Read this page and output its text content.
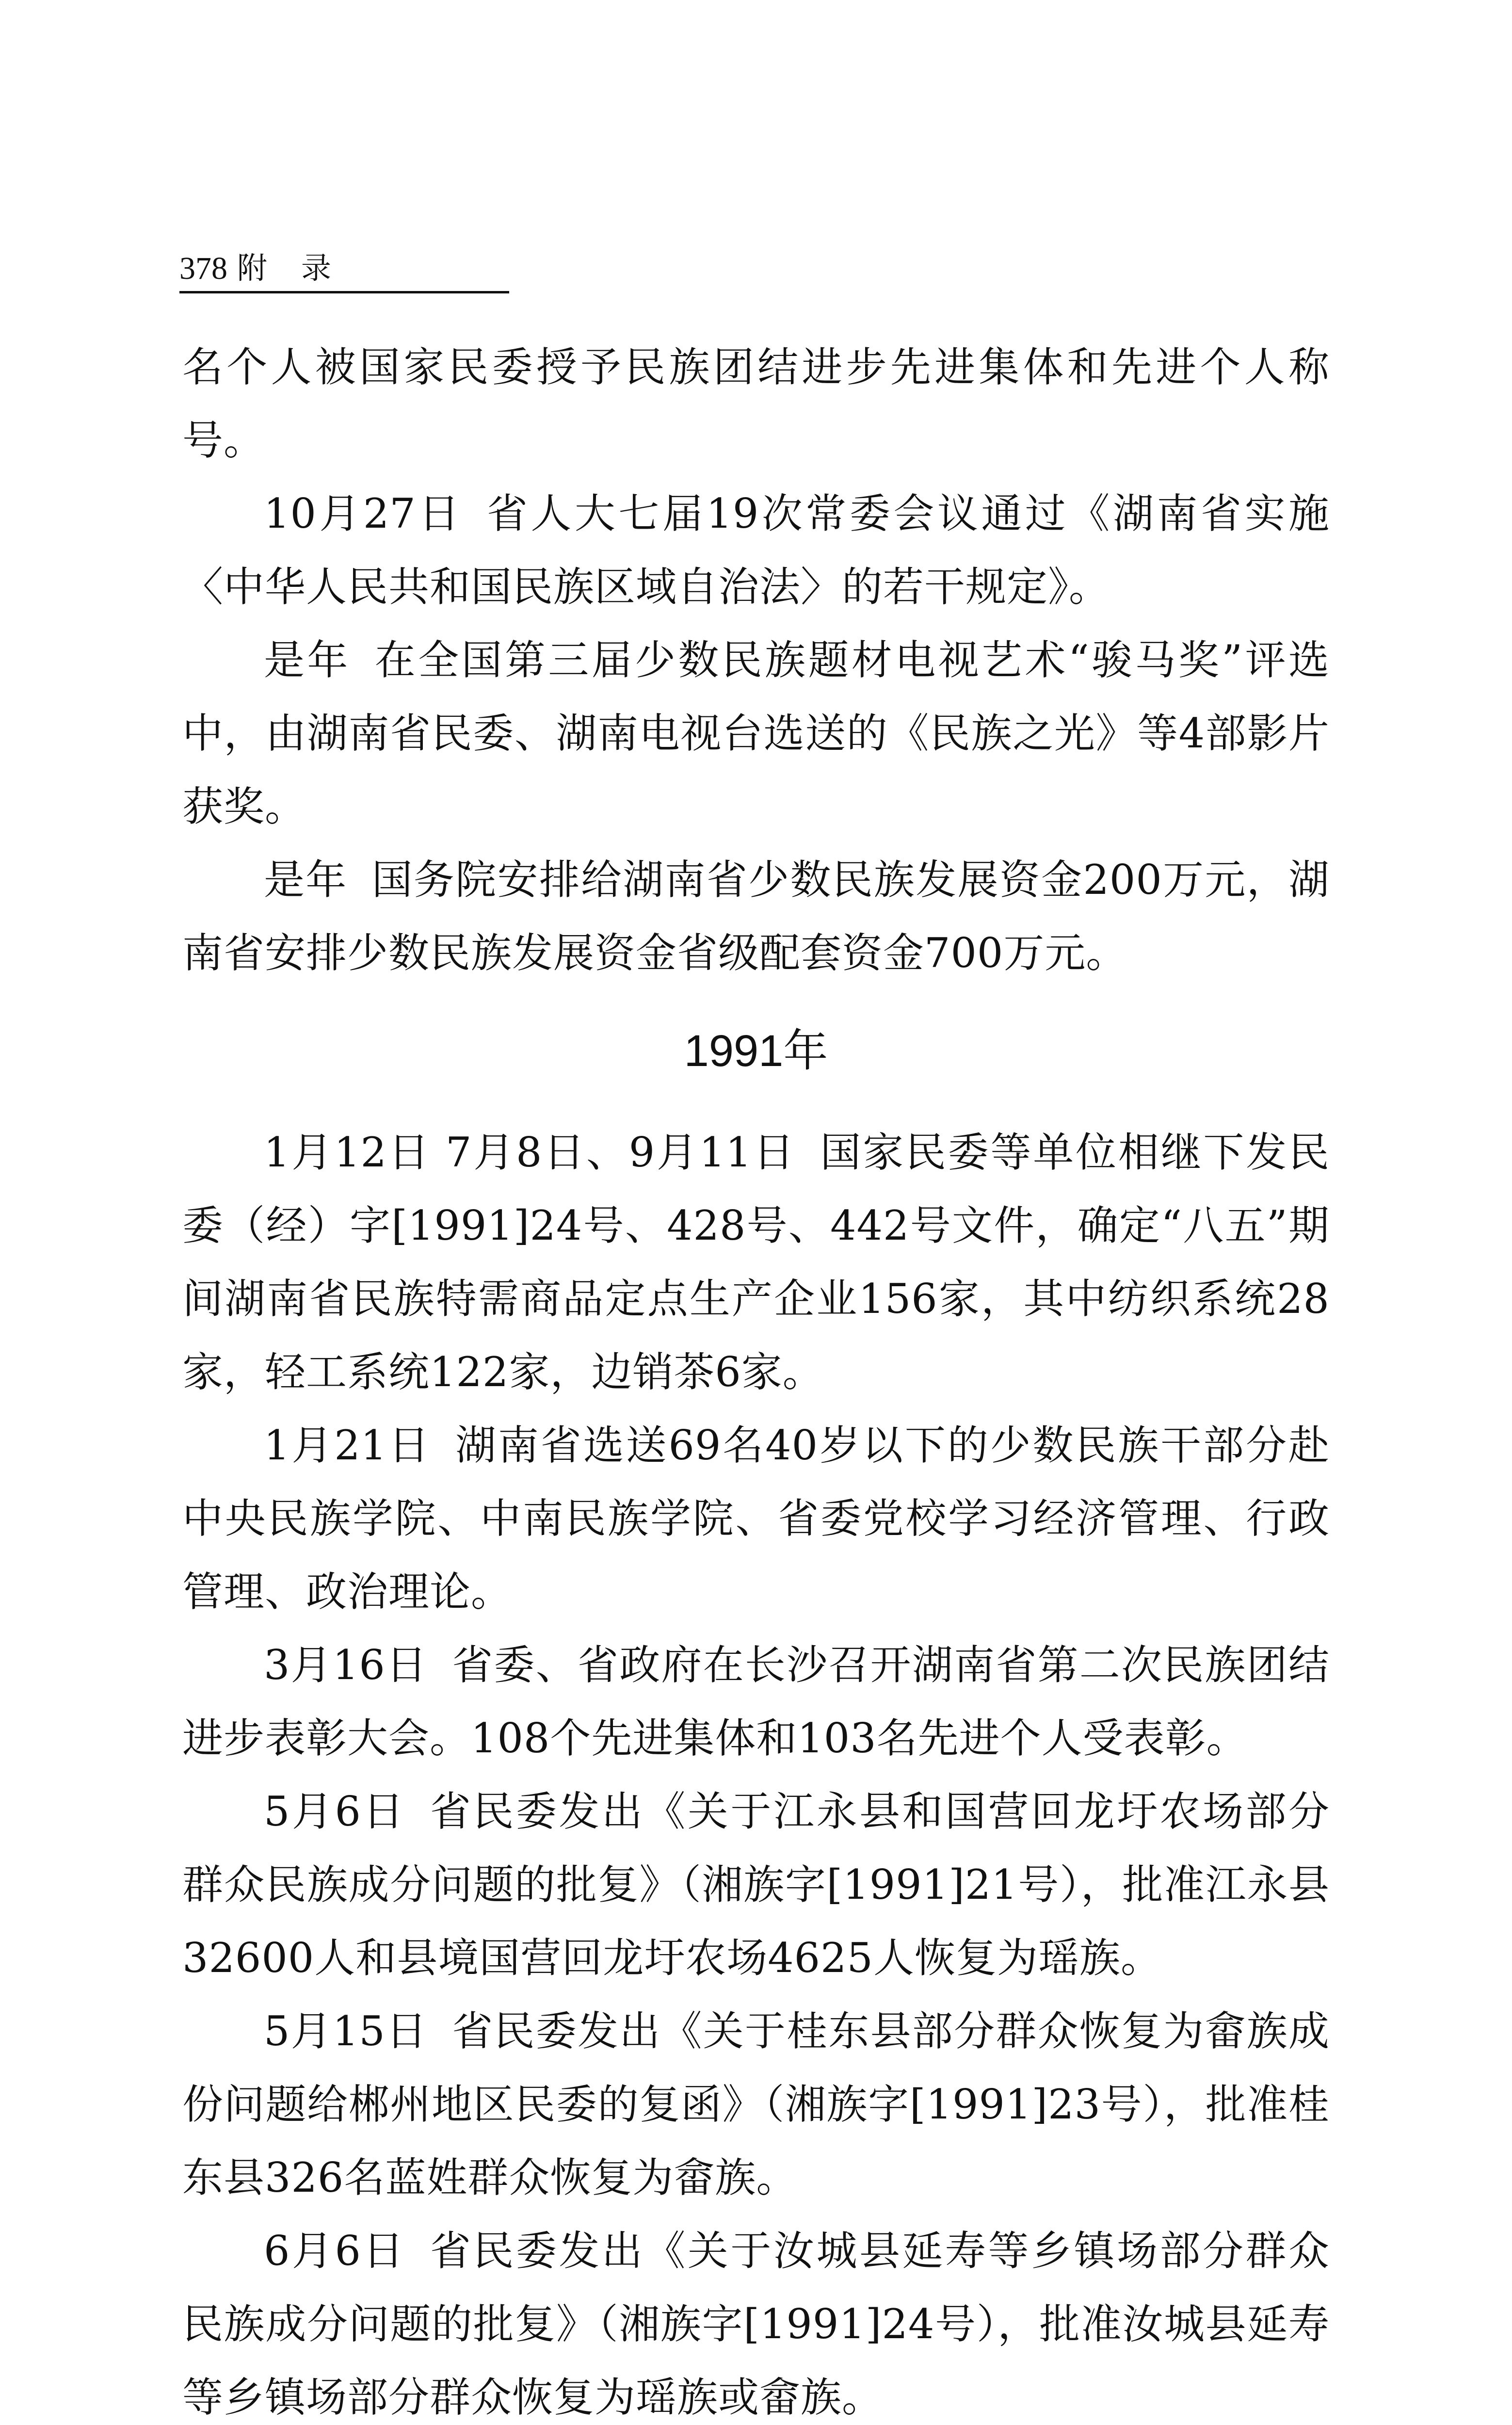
378 附录

名个人被国家民委授予民族团结进步先进集体和先进个人称号。

10月27日 省人大七届19次常委会议通过《湖南省实施〈中华人民共和国民族区域自治法〉的若干规定》。

是年 在全国第三届少数民族题材电视艺术“骏马奖”评选中，由湖南省民委、湖南电视台选送的《民族之光》等4部影片获奖。

是年 国务院安排给湖南省少数民族发展资金200万元，湖南省安排少数民族发展资金省级配套资金700万元。

1991年

1月12日 7月8日、9月11日 国家民委等单位相继下发民委（经）字[1991]24号、428号、442号文件，确定“八五”期间湖南省民族特需商品定点生产企业156家，其中纺织系统28家，轻工系统122家，边销茶6家。

1月21日 湖南省选送69名40岁以下的少数民族干部分赴中央民族学院、中南民族学院、省委党校学习经济管理、行政管理、政治理论。

3月16日 省委、省政府在长沙召开湖南省第二次民族团结进步表彰大会。108个先进集体和103名先进个人受表彰。

5月6日 省民委发出《关于江永县和国营回龙圩农场部分群众民族成分问题的批复》（湘族字[1991]21号），批准江永县32600人和县境国营回龙圩农场4625人恢复为瑶族。

5月15日 省民委发出《关于桂东县部分群众恢复为畲族成份问题给郴州地区民委的复函》（湘族字[1991]23号），批准桂东县326名蓝姓群众恢复为畲族。

6月6日 省民委发出《关于汝城县延寿等乡镇场部分群众民族成分问题的批复》（湘族字[1991]24号），批准汝城县延寿等乡镇场部分群众恢复为瑶族或畲族。
